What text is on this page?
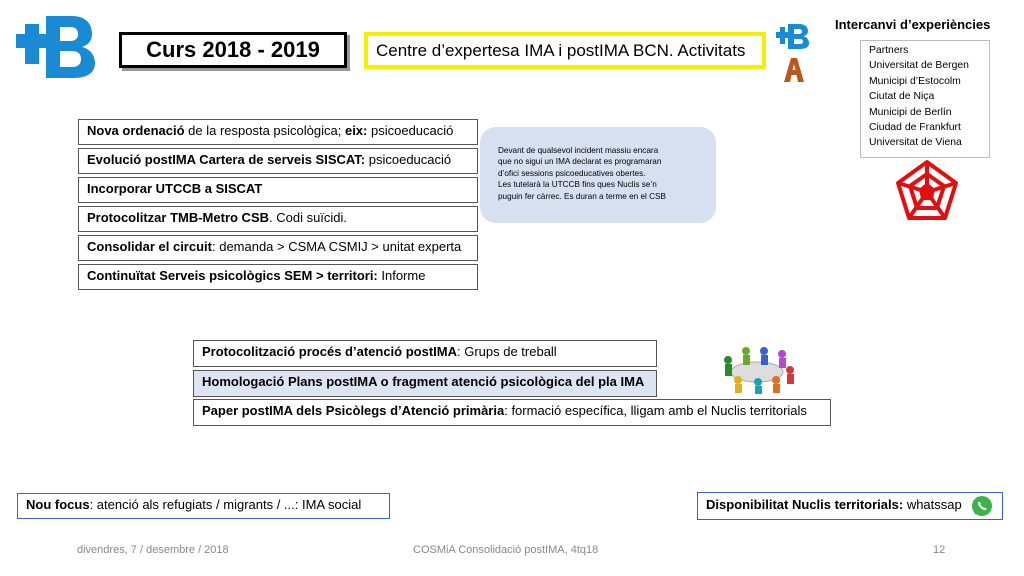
Curs 2018 - 2019	Centre d’expertesa IMA i postIMA BCN. Activitats
Intercanvi d’experiències
Partners
Universitat de Bergen
Municipi d’Estocolm
Ciutat de Niça
Municipi de Berlín
Ciudad de Frankfurt
Universitat de Viena
Nova ordenació de la resposta psicològica; eix: psicoeducació
Evolució postIMA Cartera de serveis SISCAT: psicoeducació
Incorporar UTCCB a SISCAT
Protocolitzar TMB-Metro CSB. Codi suïcidi.
Consolidar el circuit: demanda > CSMA CSMIJ > unitat experta
Continuïtat Serveis psicològics SEM > territori: Informe
Devant de qualsevol incident massiu encara
que no sigui un IMA declarat es programaran
d’ofici sessions psicoeducatives obertes.
Les tutelarà la UTCCB fins ques Nuclis se’n
puguin fer càrrec. Es duran a terme en el CSB
Protocolització procés d’atenció postIMA: Grups de treball
Homologació Plans postIMA o fragment atenció psicològica del pla IMA
Paper postIMA dels Psicòlegs d’Atenció primària: formació específica, lligam amb el Nuclis territorials
Nou focus: atenció als refugiats / migrants / ...: IMA social	Disponibilitat Nuclis territorials: whatssap
divendres, 7 / desembre / 2018	COSMiA Consolidació postIMA, 4tq18	12
